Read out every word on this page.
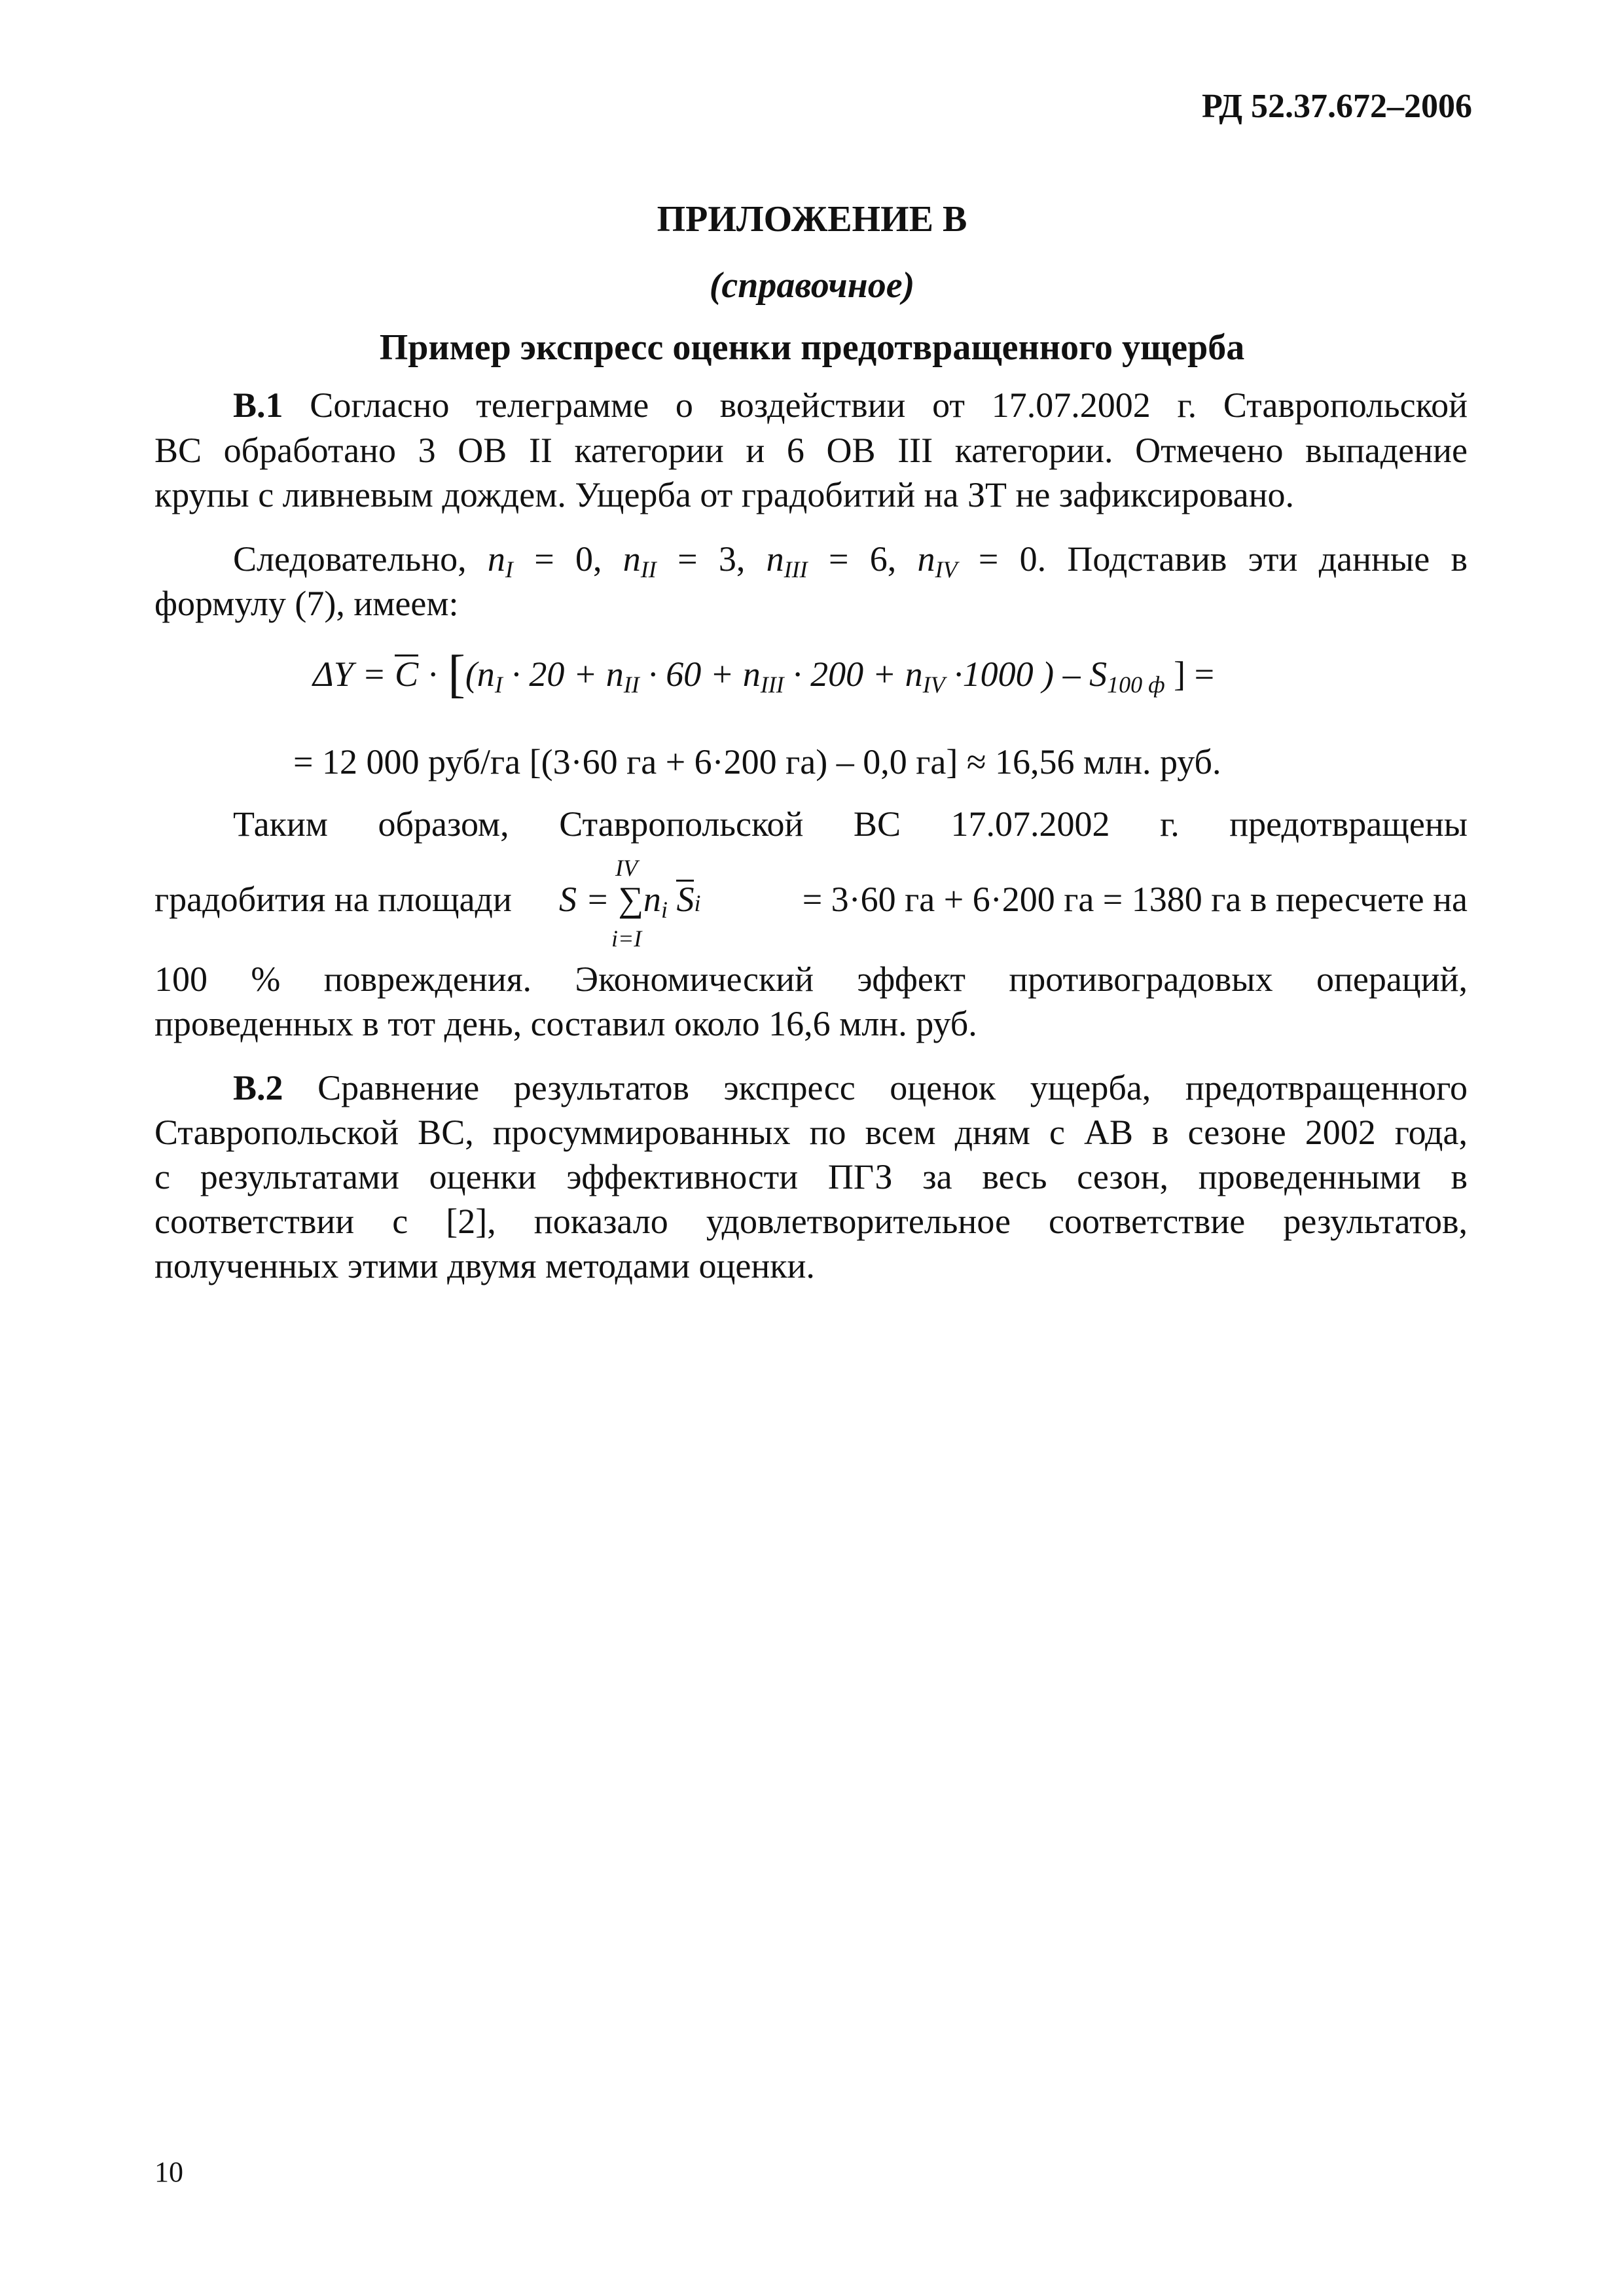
РД 52.37.672–2006
ПРИЛОЖЕНИЕ В
(справочное)
Пример экспресс оценки предотвращенного ущерба
В.1 Согласно телеграмме о воздействии от 17.07.2002 г. Ставропольской
ВС обработано 3 ОВ II категории и 6 ОВ III категории. Отмечено выпадение
крупы с ливневым дождем. Ущерба от градобитий на ЗТ не зафиксировано.
Следовательно, $n_I = 0$, $n_{II} = 3$, $n_{III} = 6$, $n_{IV} = 0$. Подставив эти данные в
формулу (7), имеем:
$\Delta Y = C \cdot [(n_I \cdot 20 + n_{II} \cdot 60 + n_{III} \cdot 200 + n_{IV} \cdot 1000$ ) – $S_{100 ф}$ ] =
= 12 000 руб/га [(3·60 га + 6·200 га) – 0,0 га] ≈ 16,56 млн. руб.
Таким образом, Ставропольской ВС 17.07.2002 г. предотвращены
градобития на площади
IV
$S = \sum n_i$ Si
i=I
= 3·60 га + 6·200 га = 1380 га в пересчете на
100 % повреждения. Экономический эффект противоградовых операций,
проведенных в тот день, составил около 16,6 млн. руб.
В.2 Сравнение результатов экспресс оценок ущерба, предотвращенного
Ставропольской ВС, просуммированных по всем дням с АВ в сезоне 2002 года,
с результатами оценки эффективности ПГЗ за весь сезон, проведенными в
соответствии с [2], показало удовлетворительное соответствие результатов,
полученных этими двумя методами оценки.
10
